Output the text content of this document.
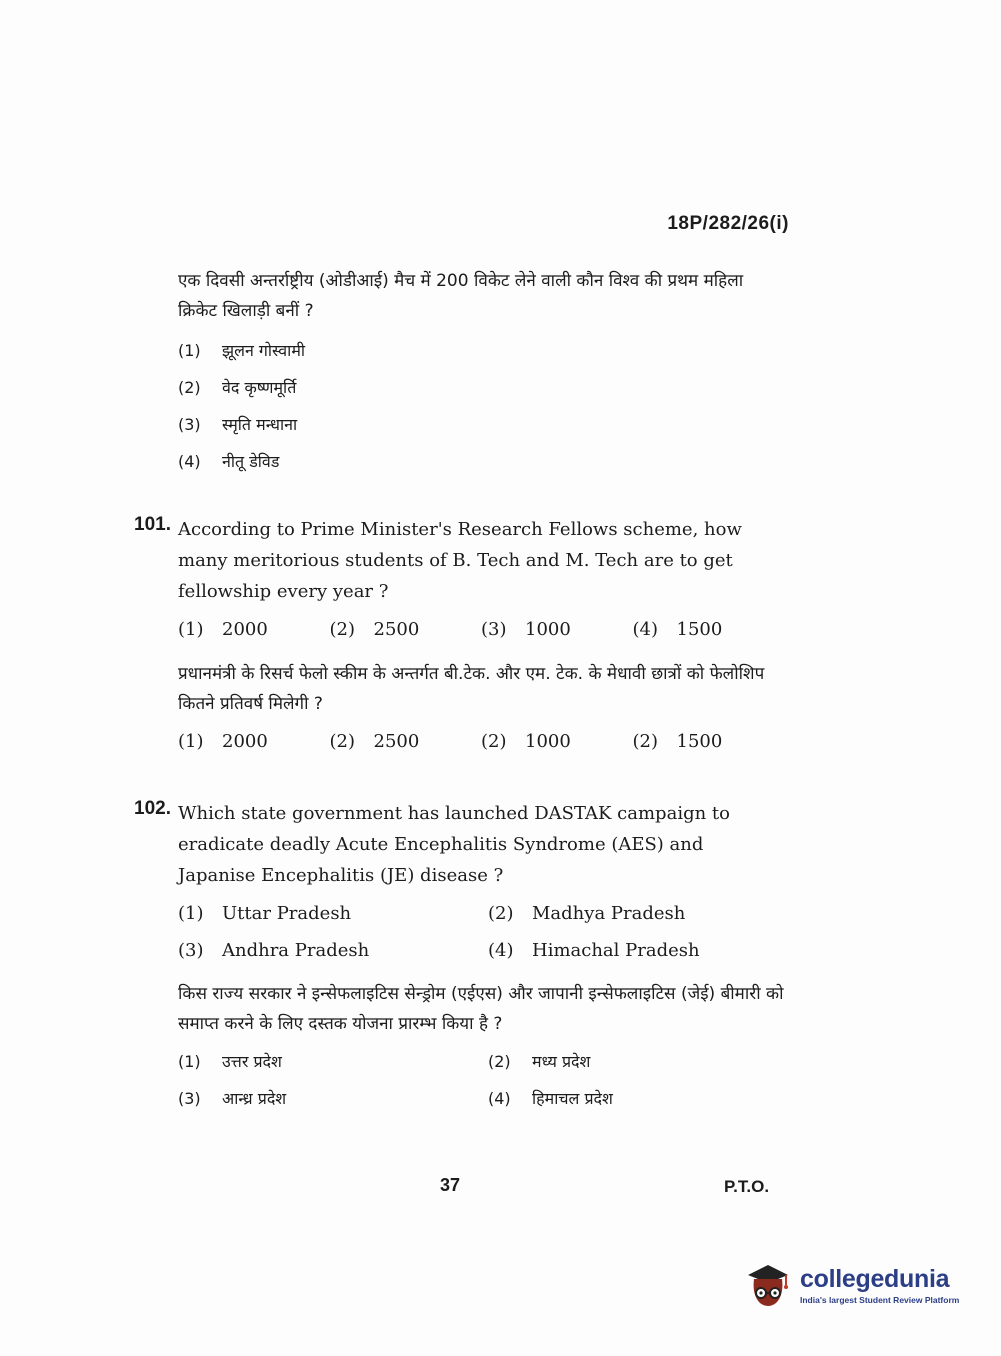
18P/282/26(i)
एक दिवसी अन्तर्राष्ट्रीय (ओडीआई) मैच में 200 विकेट लेने वाली कौन विश्व की प्रथम महिला क्रिकेट खिलाड़ी बनीं ?
(1) झूलन गोस्वामी
(2) वेद कृष्णमूर्ति
(3) स्मृति मन्धाना
(4) नीतू डेविड
101. According to Prime Minister's Research Fellows scheme, how many meritorious students of B. Tech and M. Tech are to get fellowship every year ?
(1) 2000	(2) 2500	(3) 1000	(4) 1500
प्रधानमंत्री के रिसर्च फेलो स्कीम के अन्तर्गत बी.टेक. और एम. टेक. के मेधावी छात्रों को फेलोशिप कितने प्रतिवर्ष मिलेगी ?
(1) 2000	(2) 2500	(2) 1000	(2) 1500
102. Which state government has launched DASTAK campaign to eradicate deadly Acute Encephalitis Syndrome (AES) and Japanise Encephalitis (JE) disease ?
(1) Uttar Pradesh	(2) Madhya Pradesh
(3) Andhra Pradesh	(4) Himachal Pradesh
किस राज्य सरकार ने इन्सेफलाइटिस सेन्ड्रोम (एईएस) और जापानी इन्सेफलाइटिस (जेई) बीमारी को समाप्त करने के लिए दस्तक योजना प्रारम्भ किया है ?
(1) उत्तर प्रदेश	(2) मध्य प्रदेश
(3) आन्ध्र प्रदेश	(4) हिमाचल प्रदेश
37	P.T.O.
collegedunia
India's largest Student Review Platform
